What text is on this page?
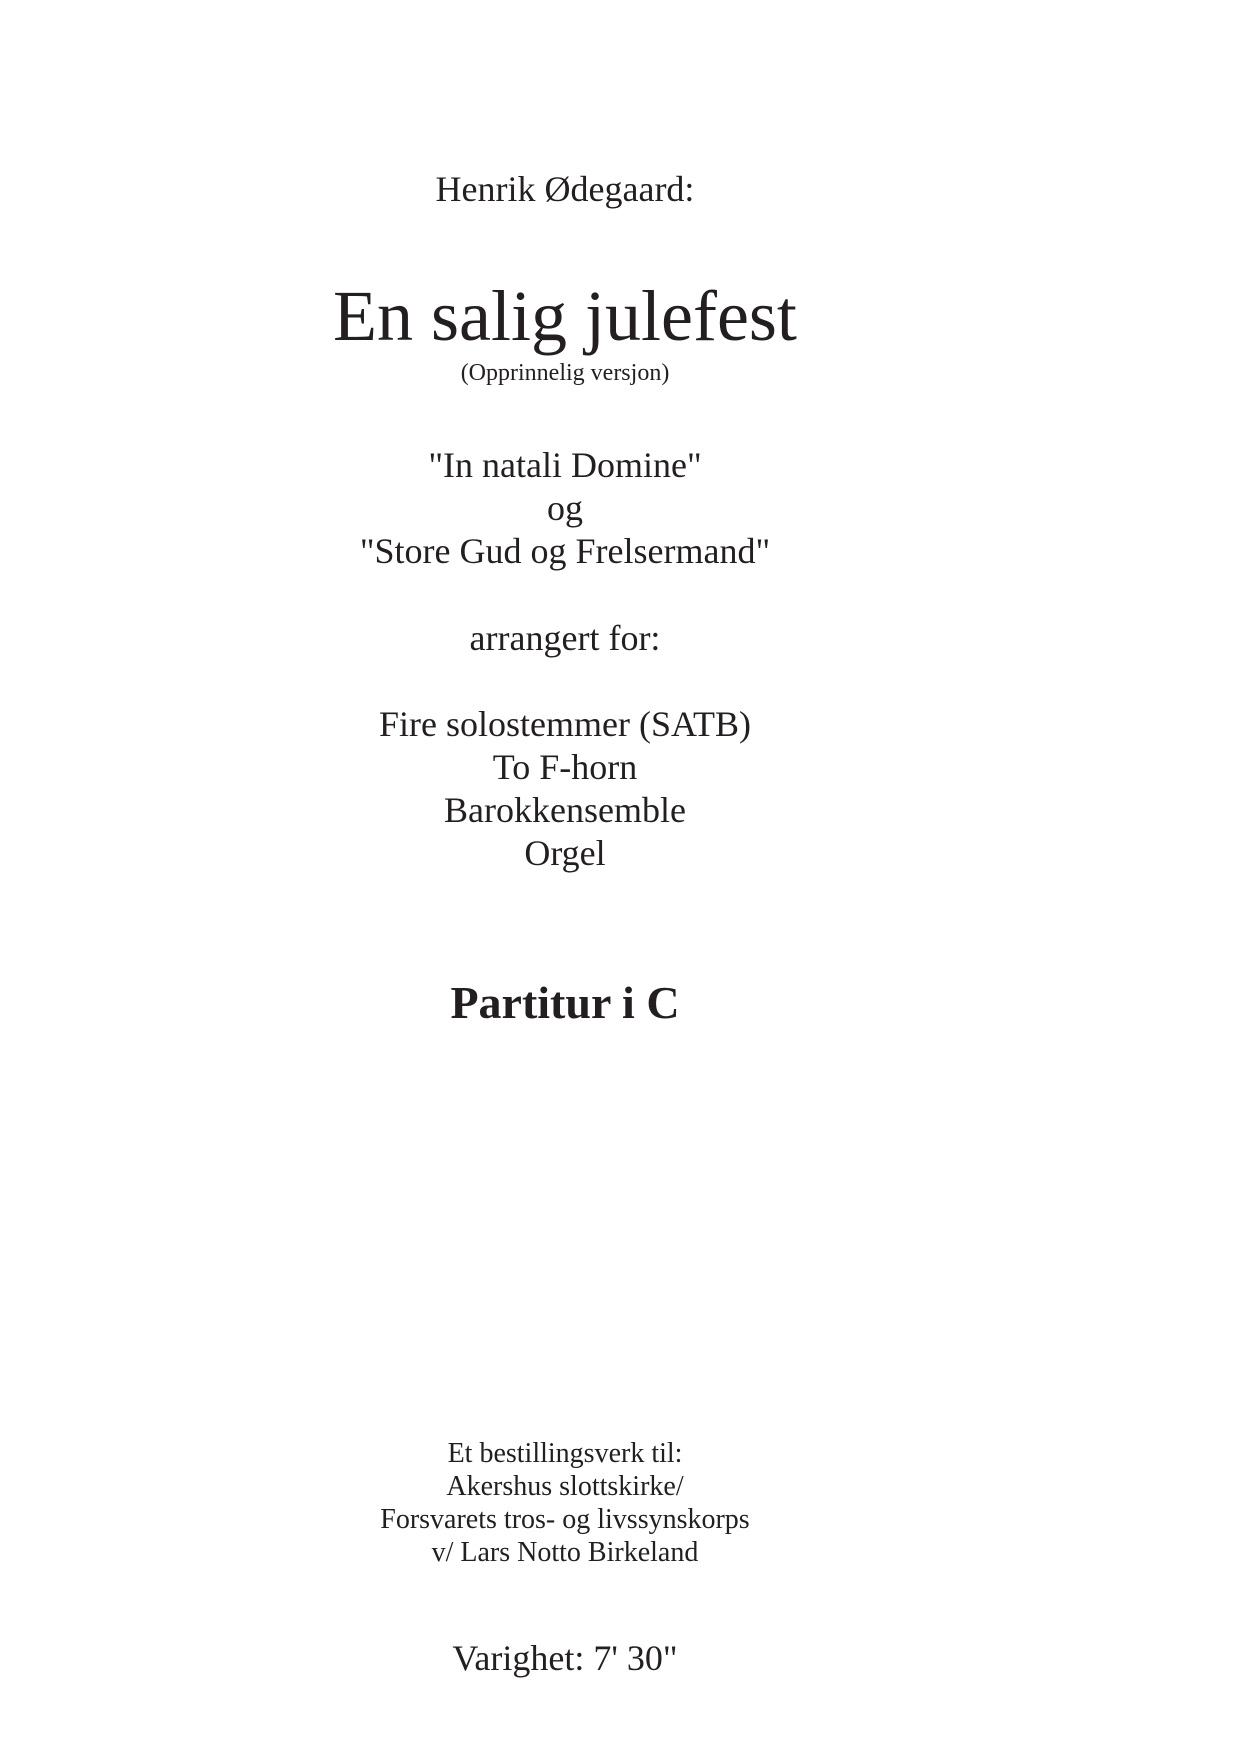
Henrik Ødegaard:
En salig julefest
(Opprinnelig versjon)
"In natali Domine"
og
"Store Gud og Frelsermand"
arrangert for:
Fire solostemmer (SATB)
To F-horn
Barokkensemble
Orgel
Partitur i C
Et bestillingsverk til:
Akershus slottskirke/
Forsvarets tros- og livssynskorps
v/ Lars Notto Birkeland
Varighet: 7' 30"
